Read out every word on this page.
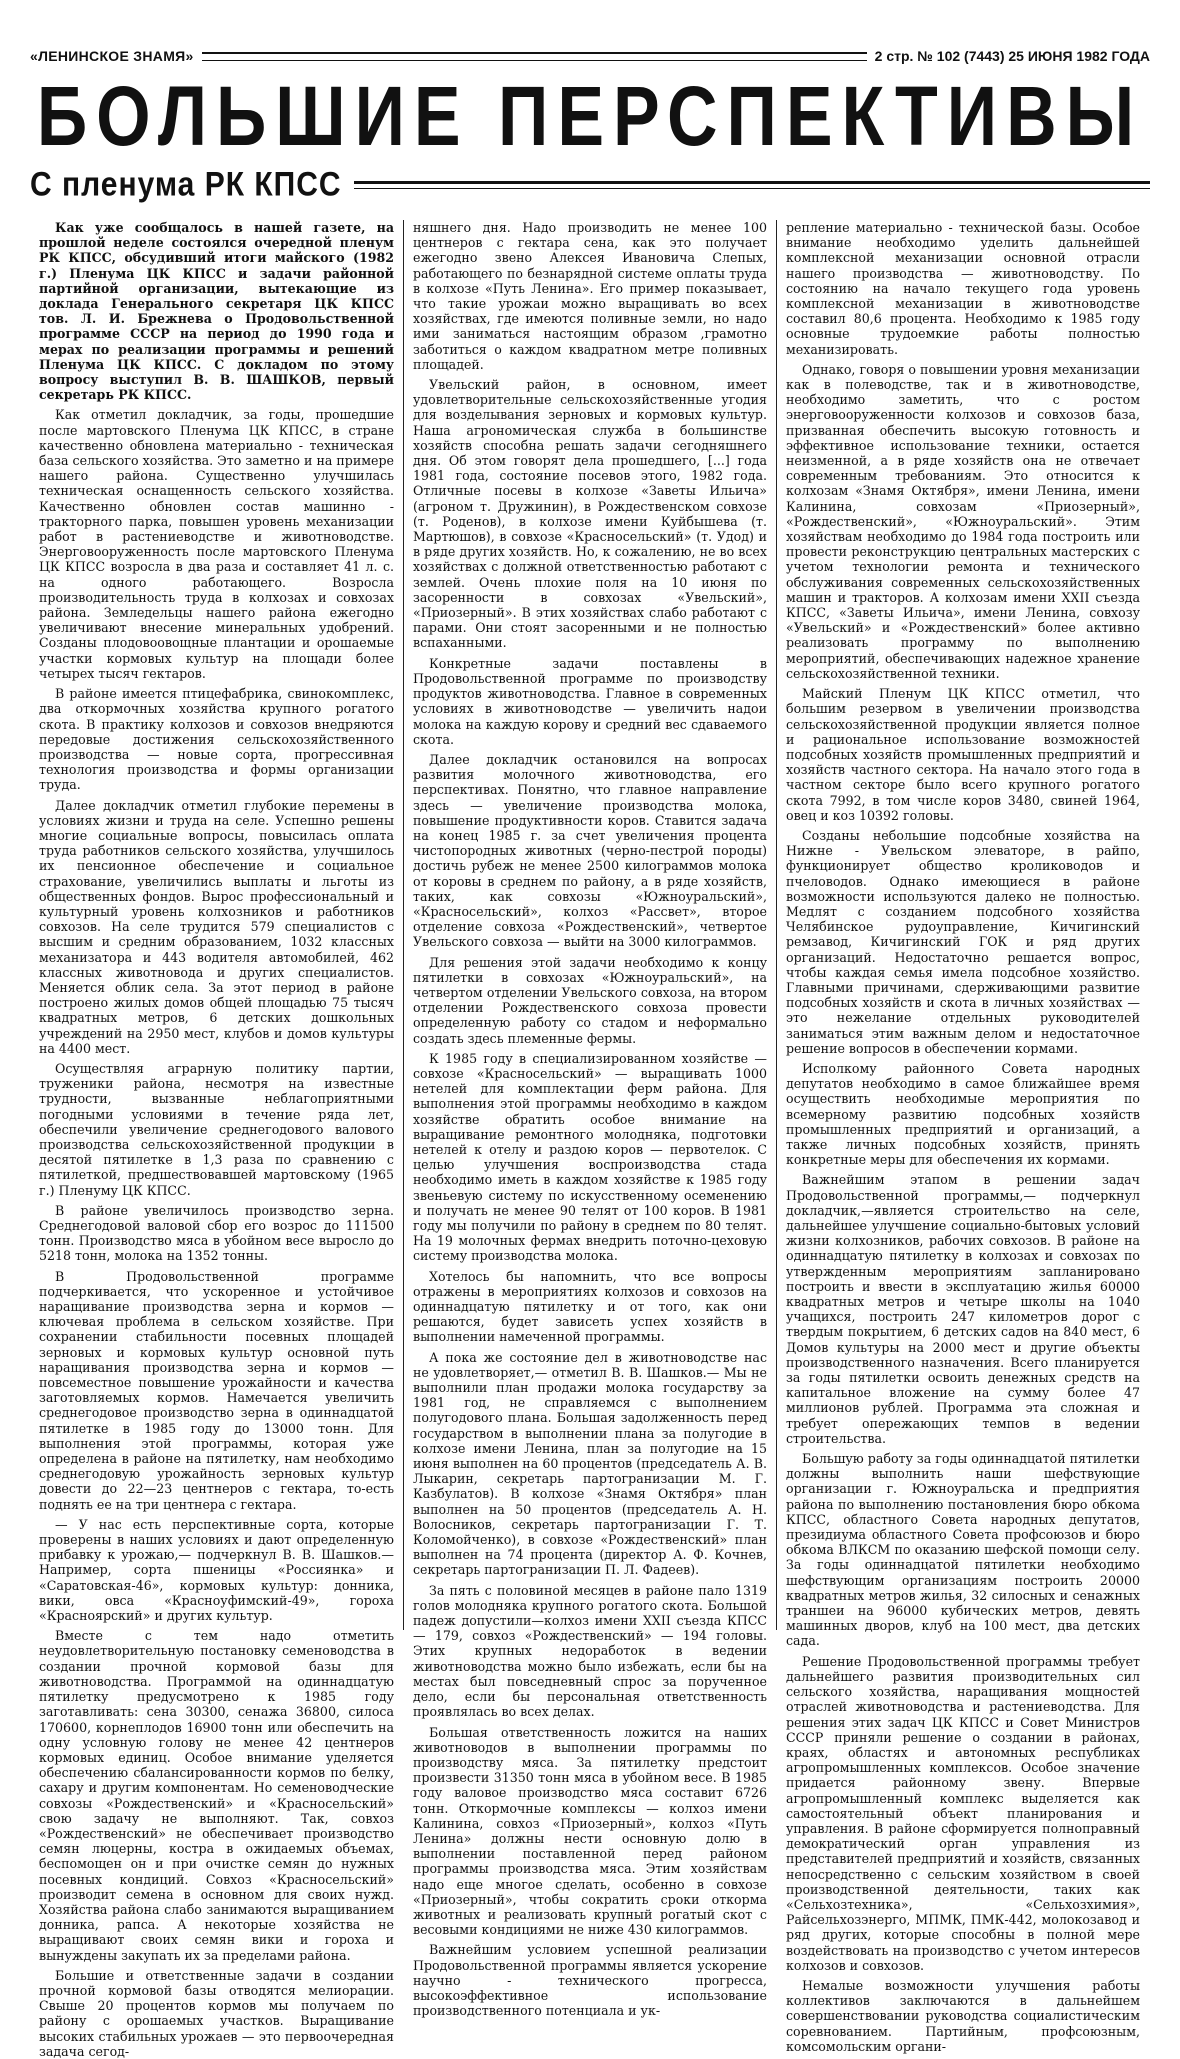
«ЛЕНИНСКОЕ ЗНАМЯ»	2 стр. № 102 (7443) 25 ИЮНЯ 1982 ГОДА
БОЛЬШИЕ ПЕРСПЕКТИВЫ
С пленума РК КПСС

Как уже сообщалось в нашей газете, на прошлой неделе состоялся очередной пленум РК КПСС, обсудивший итоги майского (1982 г.) Пленума ЦК КПСС и задачи районной партийной организации, вытекающие из доклада Генерального секретаря ЦК КПСС тов. Л. И. Брежнева о Продовольственной программе СССР на период до 1990 года и мерах по реализации программы и решений Пленума ЦК КПСС. С докладом по этому вопросу выступил В. В. ШАШКОВ, первый секретарь РК КПСС.

Как отметил докладчик, за годы, прошедшие после мартовского Пленума ЦК КПСС, в стране качественно обновлена материально - техническая база сельского хозяйства. Это заметно и на примере нашего района. Существенно улучшилась техническая оснащенность сельского хозяйства. Качественно обновлен состав машинно - тракторного парка, повышен уровень механизации работ в растениеводстве и животноводстве. Энерговооруженность после мартовского Пленума ЦК КПСС возросла в два раза и составляет 41 л. с. на одного работающего. Возросла производительность труда в колхозах и совхозах района. Земледельцы нашего района ежегодно увеличивают внесение минеральных удобрений. Созданы плодовоовощные плантации и орошаемые участки кормовых культур на площади более четырех тысяч гектаров.

В районе имеется птицефабрика, свинокомплекс, два откормочных хозяйства крупного рогатого скота. В практику колхозов и совхозов внедряются передовые достижения сельскохозяйственного производства — новые сорта, прогрессивная технология производства и формы организации труда.

Далее докладчик отметил глубокие перемены в условиях жизни и труда на селе. Успешно решены многие социальные вопросы, повысилась оплата труда работников сельского хозяйства, улучшилось их пенсионное обеспечение и социальное страхование, увеличились выплаты и льготы из общественных фондов. Вырос профессиональный и культурный уровень колхозников и работников совхозов. На селе трудится 579 специалистов с высшим и средним образованием, 1032 классных механизатора и 443 водителя автомобилей, 462 классных животновода и других специалистов. Меняется облик села. За этот период в районе построено жилых домов общей площадью 75 тысяч квадратных метров, 6 детских дошкольных учреждений на 2950 мест, клубов и домов культуры на 4400 мест.

Осуществляя аграрную политику партии, труженики района, несмотря на известные трудности, вызванные неблагоприятными погодными условиями в течение ряда лет, обеспечили увеличение среднегодового валового производства сельскохозяйственной продукции в десятой пятилетке в 1,3 раза по сравнению с пятилеткой, предшествовавшей мартовскому (1965 г.) Пленуму ЦК КПСС.

В районе увеличилось производство зерна. Среднегодовой валовой сбор его возрос до 111500 тонн. Производство мяса в убойном весе выросло до 5218 тонн, молока на 1352 тонны.

В Продовольственной программе подчеркивается, что ускоренное и устойчивое наращивание производства зерна и кормов — ключевая проблема в сельском хозяйстве. При сохранении стабильности посевных площадей зерновых и кормовых культур основной путь наращивания производства зерна и кормов — повсеместное повышение урожайности и качества заготовляемых кормов. Намечается увеличить среднегодовое производство зерна в одиннадцатой пятилетке в 1985 году до 13000 тонн. Для выполнения этой программы, которая уже определена в районе на пятилетку, нам необходимо среднегодовую урожайность зерновых культур довести до 22—23 центнеров с гектара, то-есть поднять ее на три центнера с гектара.

— У нас есть перспективные сорта, которые проверены в наших условиях и дают определенную прибавку к урожаю,— подчеркнул В. В. Шашков.— Например, сорта пшеницы «Россиянка» и «Саратовская-46», кормовых культур: донника, вики, овса «Красноуфимский-49», гороха «Красноярский» и других культур.

Вместе с тем надо отметить неудовлетворительную постановку семеноводства в создании прочной кормовой базы для животноводства. Программой на одиннадцатую пятилетку предусмотрено к 1985 году заготавливать: сена 30300, сенажа 36800, силоса 170600, корнеплодов 16900 тонн или обеспечить на одну условную голову не менее 42 центнеров кормовых единиц. Особое внимание уделяется обеспечению сбалансированности кормов по белку, сахару и другим компонентам. Но семеноводческие совхозы «Рождественский» и «Красносельский» свою задачу не выполняют. Так, совхоз «Рождественский» не обеспечивает производство семян люцерны, костра в ожидаемых объемах, беспомощен он и при очистке семян до нужных посевных кондиций. Совхоз «Красносельский» производит семена в основном для своих нужд. Хозяйства района слабо занимаются выращиванием донника, рапса. А некоторые хозяйства не выращивают своих семян вики и гороха и вынуждены закупать их за пределами района.

Большие и ответственные задачи в создании прочной кормовой базы отводятся мелиорации. Свыше 20 процентов кормов мы получаем по району с орошаемых участков. Выращивание высоких стабильных урожаев — это первоочередная задача сегод-

няшнего дня. Надо производить не менее 100 центнеров с гектара сена, как это получает ежегодно звено Алексея Ивановича Слепых, работающего по безнарядной системе оплаты труда в колхозе «Путь Ленина». Его пример показывает, что такие урожаи можно выращивать во всех хозяйствах, где имеются поливные земли, но надо ими заниматься настоящим образом ,грамотно заботиться о каждом квадратном метре поливных площадей.

Увельский район, в основном, имеет удовлетворительные сельскохозяйственные угодия для возделывания зерновых и кормовых культур. Наша агрономическая служба в большинстве хозяйств способна решать задачи сегодняшнего дня. Об этом говорят дела прошедшего, [...] года 1981 года, состояние посевов этого, 1982 года. Отличные посевы в колхозе «Заветы Ильича» (агроном т. Дружинин), в Рождественском совхозе (т. Роденов), в колхозе имени Куйбышева (т. Мартюшов), в совхозе «Красносельский» (т. Удод) и в ряде других хозяйств. Но, к сожалению, не во всех хозяйствах с должной ответственностью работают с землей. Очень плохие поля на 10 июня по засоренности в совхозах «Увельский», «Приозерный». В этих хозяйствах слабо работают с парами. Они стоят засоренными и не полностью вспаханными.

Конкретные задачи поставлены в Продовольственной программе по производству продуктов животноводства. Главное в современных условиях в животноводстве — увеличить надои молока на каждую корову и средний вес сдаваемого скота.

Далее докладчик остановился на вопросах развития молочного животноводства, его перспективах. Понятно, что главное направление здесь — увеличение производства молока, повышение продуктивности коров. Ставится задача на конец 1985 г. за счет увеличения процента чистопородных животных (черно-пестрой породы) достичь рубеж не менее 2500 килограммов молока от коровы в среднем по району, а в ряде хозяйств, таких, как совхозы «Южноуральский», «Красносельский», колхоз «Рассвет», второе отделение совхоза «Рождественский», четвертое Увельского совхоза — выйти на 3000 килограммов.

Для решения этой задачи необходимо к концу пятилетки в совхозах «Южноуральский», на четвертом отделении Увельского совхоза, на втором отделении Рождественского совхоза провести определенную работу со стадом и неформально создать здесь племенные фермы.

К 1985 году в специализированном хозяйстве — совхозе «Красносельский» — выращивать 1000 нетелей для комплектации ферм района. Для выполнения этой программы необходимо в каждом хозяйстве обратить особое внимание на выращивание ремонтного молодняка, подготовки нетелей к отелу и раздою коров — первотелок. С целью улучшения воспроизводства стада необходимо иметь в каждом хозяйстве к 1985 году звеньевую систему по искусственному осеменению и получать не менее 90 телят от 100 коров. В 1981 году мы получили по району в среднем по 80 телят. На 19 молочных фермах внедрить поточно-цеховую систему производства молока.

Хотелось бы напомнить, что все вопросы отражены в мероприятиях колхозов и совхозов на одиннадцатую пятилетку и от того, как они решаются, будет зависеть успех хозяйств в выполнении намеченной программы.

А пока же состояние дел в животноводстве нас не удовлетворяет,— отметил В. В. Шашков.— Мы не выполнили план продажи молока государству за 1981 год, не справляемся с выполнением полугодового плана. Большая задолженность перед государством в выполнении плана за полугодие в колхозе имени Ленина, план за полугодие на 15 июня выполнен на 60 процентов (председатель А. В. Лыкарин, секретарь партогранизации М. Г. Казбулатов). В колхозе «Знамя Октября» план выполнен на 50 процентов (председатель А. Н. Волосников, секретарь партогранизации Г. Т. Коломойченко), в совхозе «Рождественский» план выполнен на 74 процента (директор А. Ф. Кочнев, секретарь партогранизации П. Л. Фадеев).

За пять с половиной месяцев в районе пало 1319 голов молодняка крупного рогатого скота. Большой падеж допустили—колхоз имени XXII съезда КПСС — 179, совхоз «Рождественский» — 194 головы. Этих крупных недоработок в ведении животноводства можно было избежать, если бы на местах был повседневный спрос за порученное дело, если бы персональная ответственность проявлялась во всех делах.

Большая ответственность ложится на наших животноводов в выполнении программы по производству мяса. За пятилетку предстоит произвести 31350 тонн мяса в убойном весе. В 1985 году валовое производство мяса составит 6726 тонн. Откормочные комплексы — колхоз имени Калинина, совхоз «Приозерный», колхоз «Путь Ленина» должны нести основную долю в выполнении поставленной перед районом программы производства мяса. Этим хозяйствам надо еще многое сделать, особенно в совхозе «Приозерный», чтобы сократить сроки откорма животных и реализовать крупный рогатый скот с весовыми кондициями не ниже 430 килограммов.

Важнейшим условием успешной реализации Продовольственной программы является ускорение научно - технического прогресса, высокоэффективное использование производственного потенциала и ук-

репление материально - технической базы. Особое внимание необходимо уделить дальнейшей комплексной механизации основной отрасли нашего производства — животноводству. По состоянию на начало текущего года уровень комплексной механизации в животноводстве составил 80,6 процента. Необходимо к 1985 году основные трудоемкие работы полностью механизировать.

Однако, говоря о повышении уровня механизации как в полеводстве, так и в животноводстве, необходимо заметить, что с ростом энерговооруженности колхозов и совхозов база, призванная обеспечить высокую готовность и эффективное использование техники, остается неизменной, а в ряде хозяйств она не отвечает современным требованиям. Это относится к колхозам «Знамя Октября», имени Ленина, имени Калинина, совхозам «Приозерный», «Рождественский», «Южноуральский». Этим хозяйствам необходимо до 1984 года построить или провести реконструкцию центральных мастерских с учетом технологии ремонта и технического обслуживания современных сельскохозяйственных машин и тракторов. А колхозам имени XXII съезда КПСС, «Заветы Ильича», имени Ленина, совхозу «Увельский» и «Рождественский» более активно реализовать программу по выполнению мероприятий, обеспечивающих надежное хранение сельскохозяйственной техники.

Майский Пленум ЦК КПСС отметил, что большим резервом в увеличении производства сельскохозяйственной продукции является полное и рациональное использование возможностей подсобных хозяйств промышленных предприятий и хозяйств частного сектора. На начало этого года в частном секторе было всего крупного рогатого скота 7992, в том числе коров 3480, свиней 1964, овец и коз 10392 головы.

Созданы небольшие подсобные хозяйства на Нижне - Увельском элеваторе, в райпо, функционирует общество кролиководов и пчеловодов. Однако имеющиеся в районе возможности используются далеко не полностью. Медлят с созданием подсобного хозяйства Челябинское рудоуправление, Кичигинский ремзавод, Кичигинский ГОК и ряд других организаций. Недостаточно решается вопрос, чтобы каждая семья имела подсобное хозяйство. Главными причинами, сдерживающими развитие подсобных хозяйств и скота в личных хозяйствах — это нежелание отдельных руководителей заниматься этим важным делом и недостаточное решение вопросов в обеспечении кормами.

Исполкому районного Совета народных депутатов необходимо в самое ближайшее время осуществить необходимые мероприятия по всемерному развитию подсобных хозяйств промышленных предприятий и организаций, а также личных подсобных хозяйств, принять конкретные меры для обеспечения их кормами.

Важнейшим этапом в решении задач Продовольственной программы,— подчеркнул докладчик,—является строительство на селе, дальнейшее улучшение социально-бытовых условий жизни колхозников, рабочих совхозов. В районе на одиннадцатую пятилетку в колхозах и совхозах по утвержденным мероприятиям запланировано построить и ввести в эксплуатацию жилья 60000 квадратных метров и четыре школы на 1040 учащихся, построить 247 километров дорог с твердым покрытием, 6 детских садов на 840 мест, 6 Домов культуры на 2000 мест и другие объекты производственного назначения. Всего планируется за годы пятилетки освоить денежных средств на капитальное вложение на сумму более 47 миллионов рублей. Программа эта сложная и требует опережающих темпов в ведении строительства.

Большую работу за годы одиннадцатой пятилетки должны выполнить наши шефствующие организации г. Южноуральска и предприятия района по выполнению постановления бюро обкома КПСС, областного Совета народных депутатов, президиума областного Совета профсоюзов и бюро обкома ВЛКСМ по оказанию шефской помощи селу. За годы одиннадцатой пятилетки необходимо шефствующим организациям построить 20000 квадратных метров жилья, 32 силосных и сенажных траншеи на 96000 кубических метров, девять машинных дворов, клуб на 100 мест, два детских сада.

Решение Продовольственной программы требует дальнейшего развития производительных сил сельского хозяйства, наращивания мощностей отраслей животноводства и растениеводства. Для решения этих задач ЦК КПСС и Совет Министров СССР приняли решение о создании в районах, краях, областях и автономных республиках агропромышленных комплексов. Особое значение придается районному звену. Впервые агропромышленный комплекс выделяется как самостоятельный объект планирования и управления. В районе сформируется полноправный демократический орган управления из представителей предприятий и хозяйств, связанных непосредственно с сельским хозяйством в своей производственной деятельности, таких как «Сельхозтехника», «Сельхозхимия», Райсельхозэнерго, МПМК, ПМК-442, молокозавод и ряд других, которые способны в полной мере воздействовать на производство с учетом интересов колхозов и совхозов.

Немалые возможности улучшения работы коллективов заключаются в дальнейшем совершенствовании руководства социалистическим соревнованием. Партийным, профсоюзным, комсомольским органи-
